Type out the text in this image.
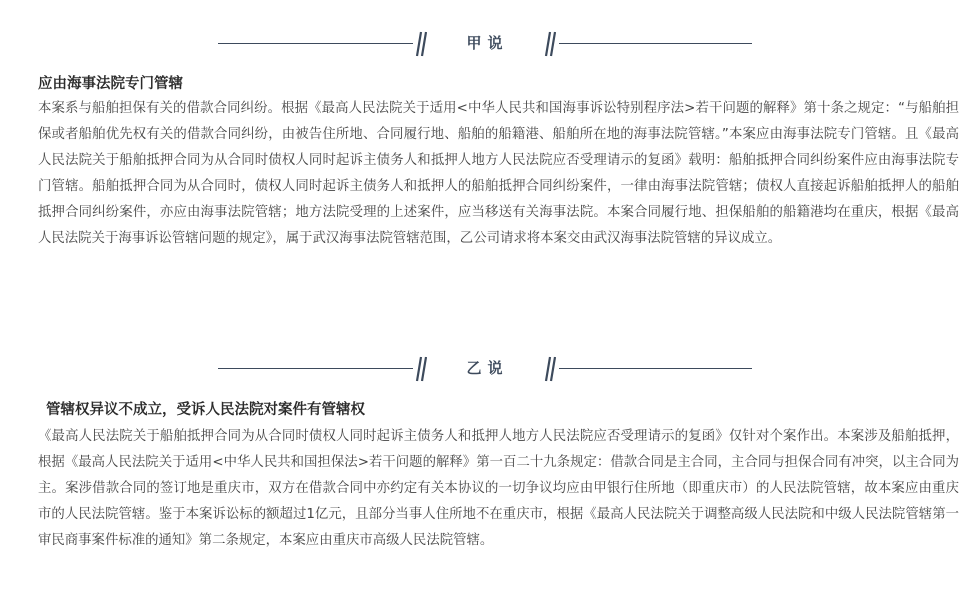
甲说
应由海事法院专门管辖

本案系与船舶担保有关的借款合同纠纷。根据《最高人民法院关于适用<中华人民共和国海事诉讼特别程序法>若干问题的解释》第十条之规定：“与船舶担保或者船舶优先权有关的借款合同纠纷，由被告住所地、合同履行地、船舶的船籍港、船舶所在地的海事法院管辖。”本案应由海事法院专门管辖。且《最高人民法院关于船舶抵押合同为从合同时债权人同时起诉主债务人和抵押人地方人民法院应否受理请示的复函》载明：船舶抵押合同纠纷案件应由海事法院专门管辖。船舶抵押合同为从合同时，债权人同时起诉主债务人和抵押人的船舶抵押合同纠纷案件，一律由海事法院管辖；债权人直接起诉船舶抵押人的船舶抵押合同纠纷案件，亦应由海事法院管辖；地方法院受理的上述案件，应当移送有关海事法院。本案合同履行地、担保船舶的船籍港均在重庆，根据《最高人民法院关于海事诉讼管辖问题的规定》，属于武汉海事法院管辖范围，乙公司请求将本案交由武汉海事法院管辖的异议成立。

乙说
管辖权异议不成立，受诉人民法院对案件有管辖权

《最高人民法院关于船舶抵押合同为从合同时债权人同时起诉主债务人和抵押人地方人民法院应否受理请示的复函》仅针对个案作出。本案涉及船舶抵押，根据《最高人民法院关于适用<中华人民共和国担保法>若干问题的解释》第一百二十九条规定：借款合同是主合同，主合同与担保合同有冲突，以主合同为主。案涉借款合同的签订地是重庆市，双方在借款合同中亦约定有关本协议的一切争议均应由甲银行住所地（即重庆市）的人民法院管辖，故本案应由重庆市的人民法院管辖。鉴于本案诉讼标的额超过1亿元，且部分当事人住所地不在重庆市，根据《最高人民法院关于调整高级人民法院和中级人民法院管辖第一审民商事案件标准的通知》第二条规定，本案应由重庆市高级人民法院管辖。
